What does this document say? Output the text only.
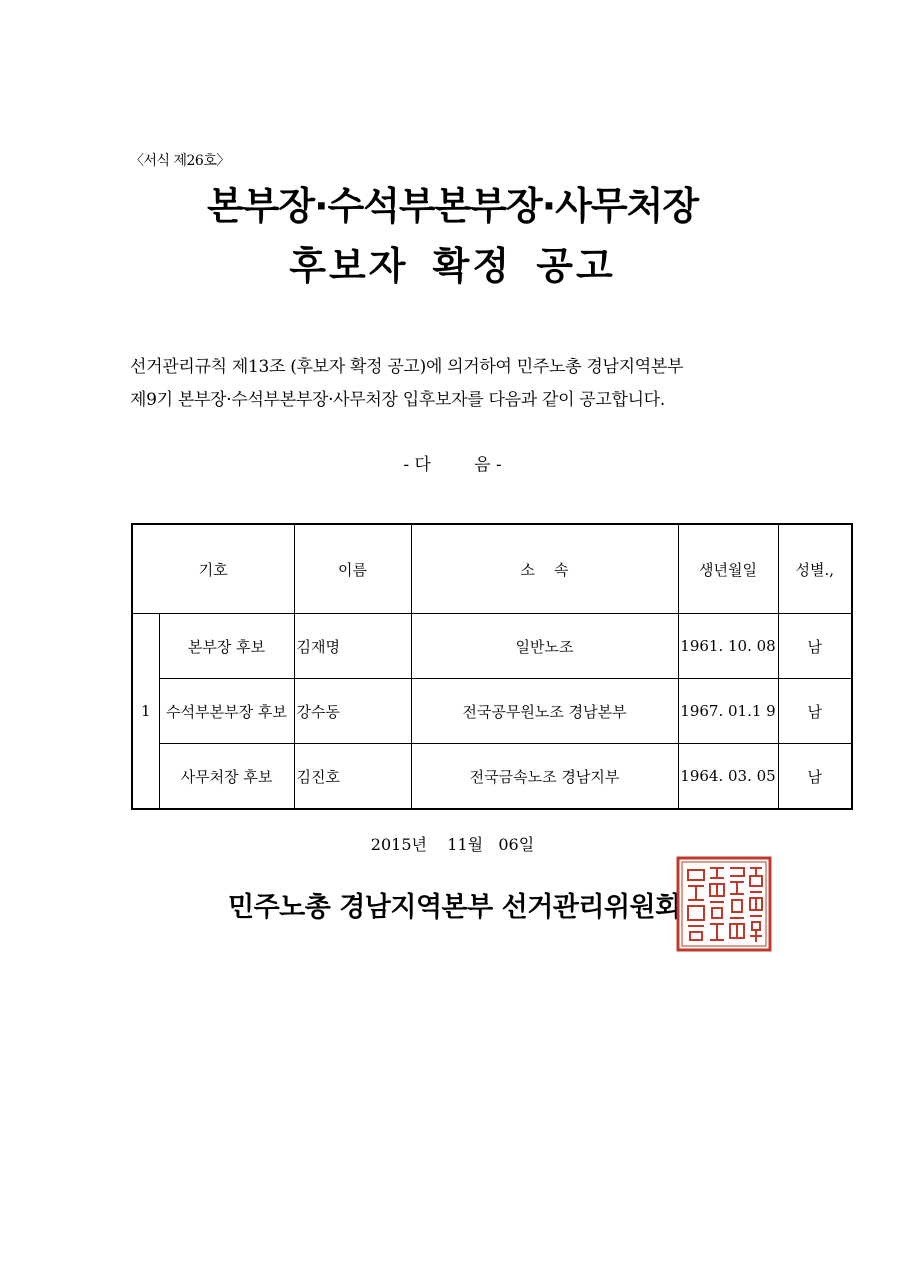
〈서식 제26호〉
본부장·수석부본부장·사무처장
후보자 확정 공고
선거관리규칙 제13조 (후보자 확정 공고)에 의거하여 민주노총 경남지역본부
제9기 본부장·수석부본부장·사무처장 입후보자를 다음과 같이 공고합니다.
- 다        음 -
기호		이름	소    속	생년월일	성별.,
1	본부장 후보	김재명	일반노조	1961. 10. 08	남
	수석부본부장 후보	강수동	전국공무원노조 경남본부	1967. 01.1 9	남
	사무처장 후보	김진호	전국금속노조 경남지부	1964. 03. 05	남
2015년    11월   06일
민주노총 경남지역본부 선거관리위원회
